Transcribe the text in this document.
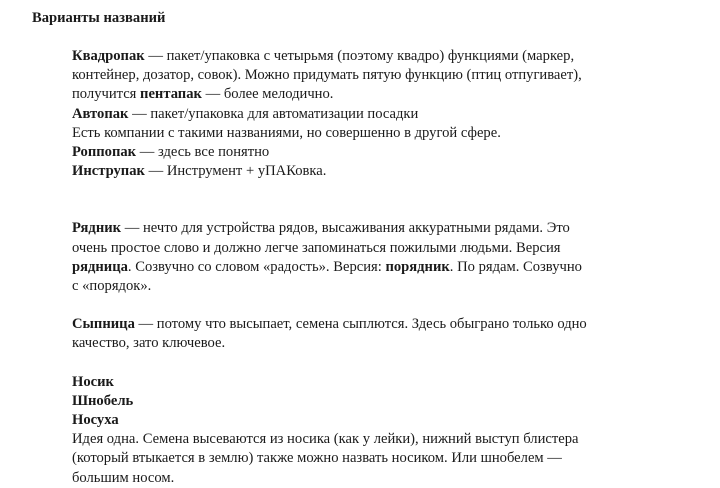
Варианты названий
Квадропак — пакет/упаковка с четырьмя (поэтому квадро) функциями (маркер,
контейнер, дозатор, совок). Можно придумать пятую функцию (птиц отпугивает),
получится пентапак — более мелодично.
Автопак — пакет/упаковка для автоматизации посадки
Есть компании с такими названиями, но совершенно в другой сфере.
Роппопак — здесь все понятно
Инструпак — Инструмент + уПАКовка.
Рядник — нечто для устройства рядов, высаживания аккуратными рядами. Это
очень простое слово и должно легче запоминаться пожилыми людьми. Версия
рядница. Созвучно со словом «радость». Версия: порядник. По рядам. Созвучно
с «порядок».
Сыпница — потому что высыпает, семена сыплются. Здесь обыграно только одно
качество, зато ключевое.
Носик
Шнобель
Носуха
Идея одна. Семена высеваются из носика (как у лейки), нижний выступ блистера
(который втыкается в землю) также можно назвать носиком. Или шнобелем —
большим носом.
